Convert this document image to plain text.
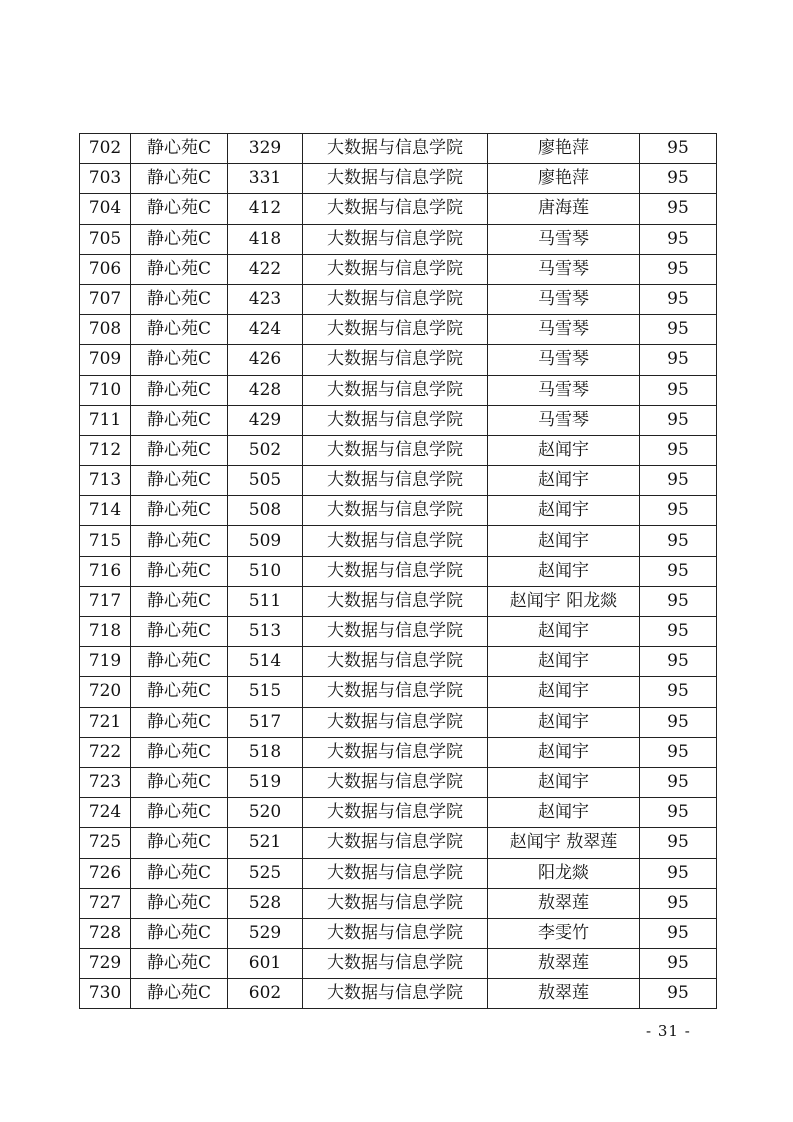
702	静心苑C	329	大数据与信息学院	廖艳萍	95
703	静心苑C	331	大数据与信息学院	廖艳萍	95
704	静心苑C	412	大数据与信息学院	唐海莲	95
705	静心苑C	418	大数据与信息学院	马雪琴	95
706	静心苑C	422	大数据与信息学院	马雪琴	95
707	静心苑C	423	大数据与信息学院	马雪琴	95
708	静心苑C	424	大数据与信息学院	马雪琴	95
709	静心苑C	426	大数据与信息学院	马雪琴	95
710	静心苑C	428	大数据与信息学院	马雪琴	95
711	静心苑C	429	大数据与信息学院	马雪琴	95
712	静心苑C	502	大数据与信息学院	赵闻宇	95
713	静心苑C	505	大数据与信息学院	赵闻宇	95
714	静心苑C	508	大数据与信息学院	赵闻宇	95
715	静心苑C	509	大数据与信息学院	赵闻宇	95
716	静心苑C	510	大数据与信息学院	赵闻宇	95
717	静心苑C	511	大数据与信息学院	赵闻宇 阳龙燚	95
718	静心苑C	513	大数据与信息学院	赵闻宇	95
719	静心苑C	514	大数据与信息学院	赵闻宇	95
720	静心苑C	515	大数据与信息学院	赵闻宇	95
721	静心苑C	517	大数据与信息学院	赵闻宇	95
722	静心苑C	518	大数据与信息学院	赵闻宇	95
723	静心苑C	519	大数据与信息学院	赵闻宇	95
724	静心苑C	520	大数据与信息学院	赵闻宇	95
725	静心苑C	521	大数据与信息学院	赵闻宇 敖翠莲	95
726	静心苑C	525	大数据与信息学院	阳龙燚	95
727	静心苑C	528	大数据与信息学院	敖翠莲	95
728	静心苑C	529	大数据与信息学院	李雯竹	95
729	静心苑C	601	大数据与信息学院	敖翠莲	95
730	静心苑C	602	大数据与信息学院	敖翠莲	95
- 31 -
